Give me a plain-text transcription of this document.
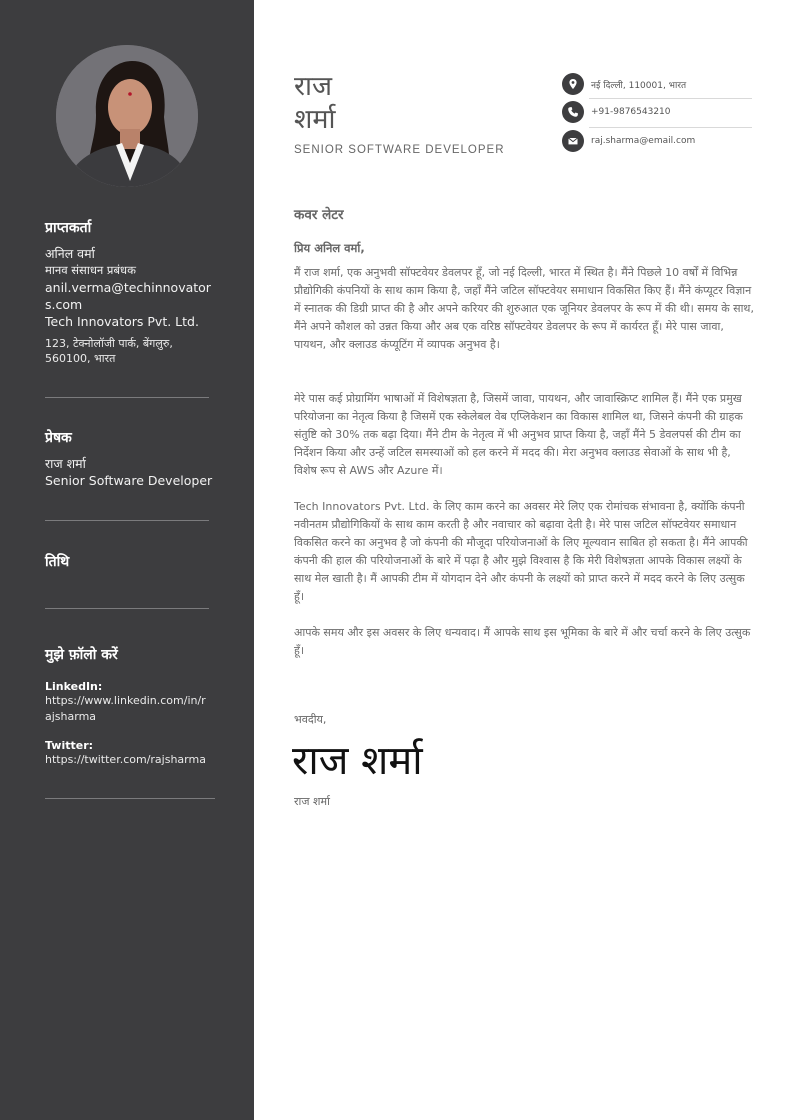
प्राप्तकर्ता
अनिल वर्मा
मानव संसाधन प्रबंधक
anil.verma@techinnovators.com
Tech Innovators Pvt. Ltd.
123, टेक्नोलॉजी पार्क, बेंगलुरु, 560100, भारत
प्रेषक
राज शर्मा
Senior Software Developer
तिथि
मुझे फ़ॉलो करें
LinkedIn:
https://www.linkedin.com/in/rajsharma
Twitter:
https://twitter.com/rajsharma
राज
शर्मा
SENIOR SOFTWARE DEVELOPER
नई दिल्ली, 110001, भारत
+91-9876543210
raj.sharma@email.com
कवर लेटर
प्रिय अनिल वर्मा,
मैं राज शर्मा, एक अनुभवी सॉफ्टवेयर डेवलपर हूँ, जो नई दिल्ली, भारत में स्थित है। मैंने पिछले 10 वर्षों में विभिन्न प्रौद्योगिकी कंपनियों के साथ काम किया है, जहाँ मैंने जटिल सॉफ्टवेयर समाधान विकसित किए हैं। मैंने कंप्यूटर विज्ञान में स्नातक की डिग्री प्राप्त की है और अपने करियर की शुरुआत एक जूनियर डेवलपर के रूप में की थी। समय के साथ, मैंने अपने कौशल को उन्नत किया और अब एक वरिष्ठ सॉफ्टवेयर डेवलपर के रूप में कार्यरत हूँ। मेरे पास जावा, पायथन, और क्लाउड कंप्यूटिंग में व्यापक अनुभव है।
मेरे पास कई प्रोग्रामिंग भाषाओं में विशेषज्ञता है, जिसमें जावा, पायथन, और जावास्क्रिप्ट शामिल हैं। मैंने एक प्रमुख परियोजना का नेतृत्व किया है जिसमें एक स्केलेबल वेब एप्लिकेशन का विकास शामिल था, जिसने कंपनी की ग्राहक संतुष्टि को 30% तक बढ़ा दिया। मैंने टीम के नेतृत्व में भी अनुभव प्राप्त किया है, जहाँ मैंने 5 डेवलपर्स की टीम का निर्देशन किया और उन्हें जटिल समस्याओं को हल करने में मदद की। मेरा अनुभव क्लाउड सेवाओं के साथ भी है, विशेष रूप से AWS और Azure में।
Tech Innovators Pvt. Ltd. के लिए काम करने का अवसर मेरे लिए एक रोमांचक संभावना है, क्योंकि कंपनी नवीनतम प्रौद्योगिकियों के साथ काम करती है और नवाचार को बढ़ावा देती है। मेरे पास जटिल सॉफ्टवेयर समाधान विकसित करने का अनुभव है जो कंपनी की मौजूदा परियोजनाओं के लिए मूल्यवान साबित हो सकता है। मैंने आपकी कंपनी की हाल की परियोजनाओं के बारे में पढ़ा है और मुझे विश्वास है कि मेरी विशेषज्ञता आपके विकास लक्ष्यों के साथ मेल खाती है। मैं आपकी टीम में योगदान देने और कंपनी के लक्ष्यों को प्राप्त करने में मदद करने के लिए उत्सुक हूँ।
आपके समय और इस अवसर के लिए धन्यवाद। मैं आपके साथ इस भूमिका के बारे में और चर्चा करने के लिए उत्सुक हूँ।
भवदीय,
राज शर्मा
राज शर्मा
